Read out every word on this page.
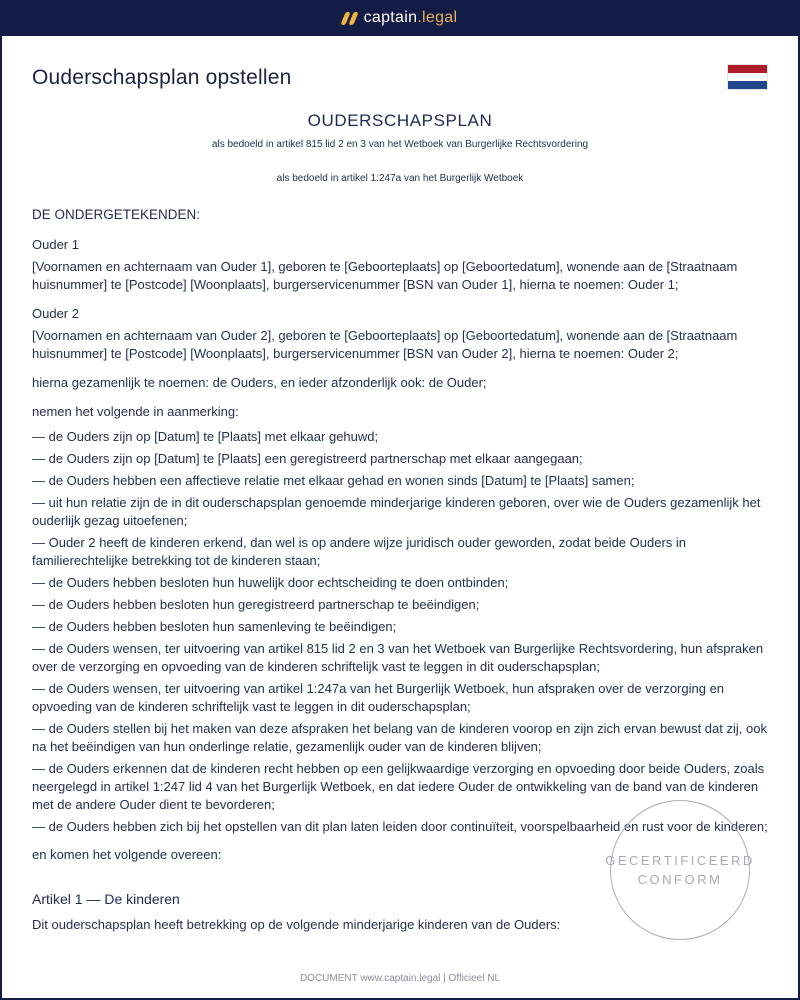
captain.legal
Ouderschapsplan opstellen
OUDERSCHAPSPLAN

als bedoeld in artikel 815 lid 2 en 3 van het Wetboek van Burgerlijke Rechtsvordering

als bedoeld in artikel 1:247a van het Burgerlijk Wetboek

DE ONDERGETEKENDEN:

Ouder 1

[Voornamen en achternaam van Ouder 1], geboren te [Geboorteplaats] op [Geboortedatum], wonende aan de [Straatnaam huisnummer] te [Postcode] [Woonplaats], burgerservicenummer [BSN van Ouder 1], hierna te noemen: Ouder 1;

Ouder 2

[Voornamen en achternaam van Ouder 2], geboren te [Geboorteplaats] op [Geboortedatum], wonende aan de [Straatnaam huisnummer] te [Postcode] [Woonplaats], burgerservicenummer [BSN van Ouder 2], hierna te noemen: Ouder 2;

hierna gezamenlijk te noemen: de Ouders, en ieder afzonderlijk ook: de Ouder;

nemen het volgende in aanmerking:

— de Ouders zijn op [Datum] te [Plaats] met elkaar gehuwd;
— de Ouders zijn op [Datum] te [Plaats] een geregistreerd partnerschap met elkaar aangegaan;
— de Ouders hebben een affectieve relatie met elkaar gehad en wonen sinds [Datum] te [Plaats] samen;
— uit hun relatie zijn de in dit ouderschapsplan genoemde minderjarige kinderen geboren, over wie de Ouders gezamenlijk het ouderlijk gezag uitoefenen;
— Ouder 2 heeft de kinderen erkend, dan wel is op andere wijze juridisch ouder geworden, zodat beide Ouders in familierechtelijke betrekking tot de kinderen staan;
— de Ouders hebben besloten hun huwelijk door echtscheiding te doen ontbinden;
— de Ouders hebben besloten hun geregistreerd partnerschap te beëindigen;
— de Ouders hebben besloten hun samenleving te beëindigen;
— de Ouders wensen, ter uitvoering van artikel 815 lid 2 en 3 van het Wetboek van Burgerlijke Rechtsvordering, hun afspraken over de verzorging en opvoeding van de kinderen schriftelijk vast te leggen in dit ouderschapsplan;
— de Ouders wensen, ter uitvoering van artikel 1:247a van het Burgerlijk Wetboek, hun afspraken over de verzorging en opvoeding van de kinderen schriftelijk vast te leggen in dit ouderschapsplan;
— de Ouders stellen bij het maken van deze afspraken het belang van de kinderen voorop en zijn zich ervan bewust dat zij, ook na het beëindigen van hun onderlinge relatie, gezamenlijk ouder van de kinderen blijven;
— de Ouders erkennen dat de kinderen recht hebben op een gelijkwaardige verzorging en opvoeding door beide Ouders, zoals neergelegd in artikel 1:247 lid 4 van het Burgerlijk Wetboek, en dat iedere Ouder de ontwikkeling van de band van de kinderen met de andere Ouder dient te bevorderen;
— de Ouders hebben zich bij het opstellen van dit plan laten leiden door continuïteit, voorspelbaarheid en rust voor de kinderen;

en komen het volgende overeen:

Artikel 1 — De kinderen

Dit ouderschapsplan heeft betrekking op de volgende minderjarige kinderen van de Ouders:

GECERTIFICEERD
CONFORM
DOCUMENT www.captain.legal | Officieel NL
